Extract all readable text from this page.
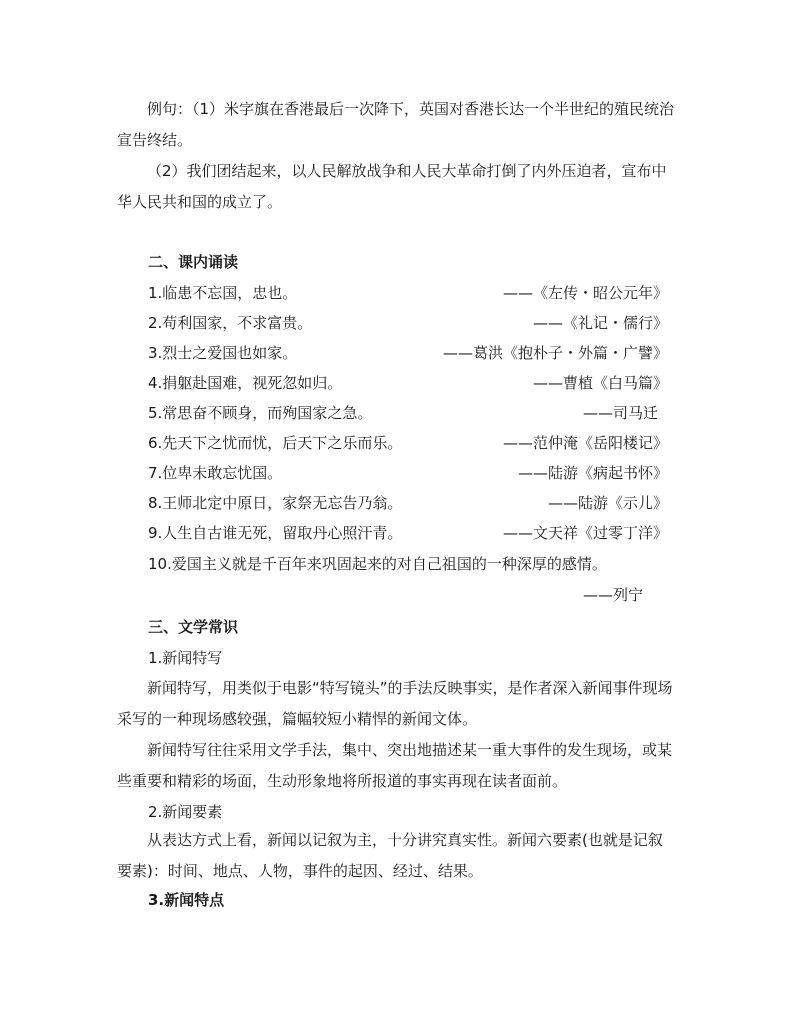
例句：（1）米字旗在香港最后一次降下，英国对香港长达一个半世纪的殖民统治宣告终结。

（2）我们团结起来，以人民解放战争和人民大革命打倒了内外压迫者，宣布中华人民共和国的成立了。

二、课内诵读

1.临患不忘国，忠也。	——《左传・昭公元年》
2.苟利国家，不求富贵。	——《礼记・儒行》
3.烈士之爱国也如家。	——葛洪《抱朴子・外篇・广譬》
4.捐躯赴国难，视死忽如归。	——曹植《白马篇》
5.常思奋不顾身，而殉国家之急。	——司马迁
6.先天下之忧而忧，后天下之乐而乐。	——范仲淹《岳阳楼记》
7.位卑未敢忘忧国。	——陆游《病起书怀》
8.王师北定中原日，家祭无忘告乃翁。	——陆游《示儿》
9.人生自古谁无死，留取丹心照汗青。	——文天祥《过零丁洋》

10.爱国主义就是千百年来巩固起来的对自己祖国的一种深厚的感情。

——列宁

三、文学常识

1.新闻特写

新闻特写，用类似于电影“特写镜头”的手法反映事实，是作者深入新闻事件现场采写的一种现场感较强，篇幅较短小精悍的新闻文体。

新闻特写往往采用文学手法，集中、突出地描述某一重大事件的发生现场，或某些重要和精彩的场面，生动形象地将所报道的事实再现在读者面前。

2.新闻要素

从表达方式上看，新闻以记叙为主，十分讲究真实性。新闻六要素(也就是记叙要素)：时间、地点、人物，事件的起因、经过、结果。

3.新闻特点
